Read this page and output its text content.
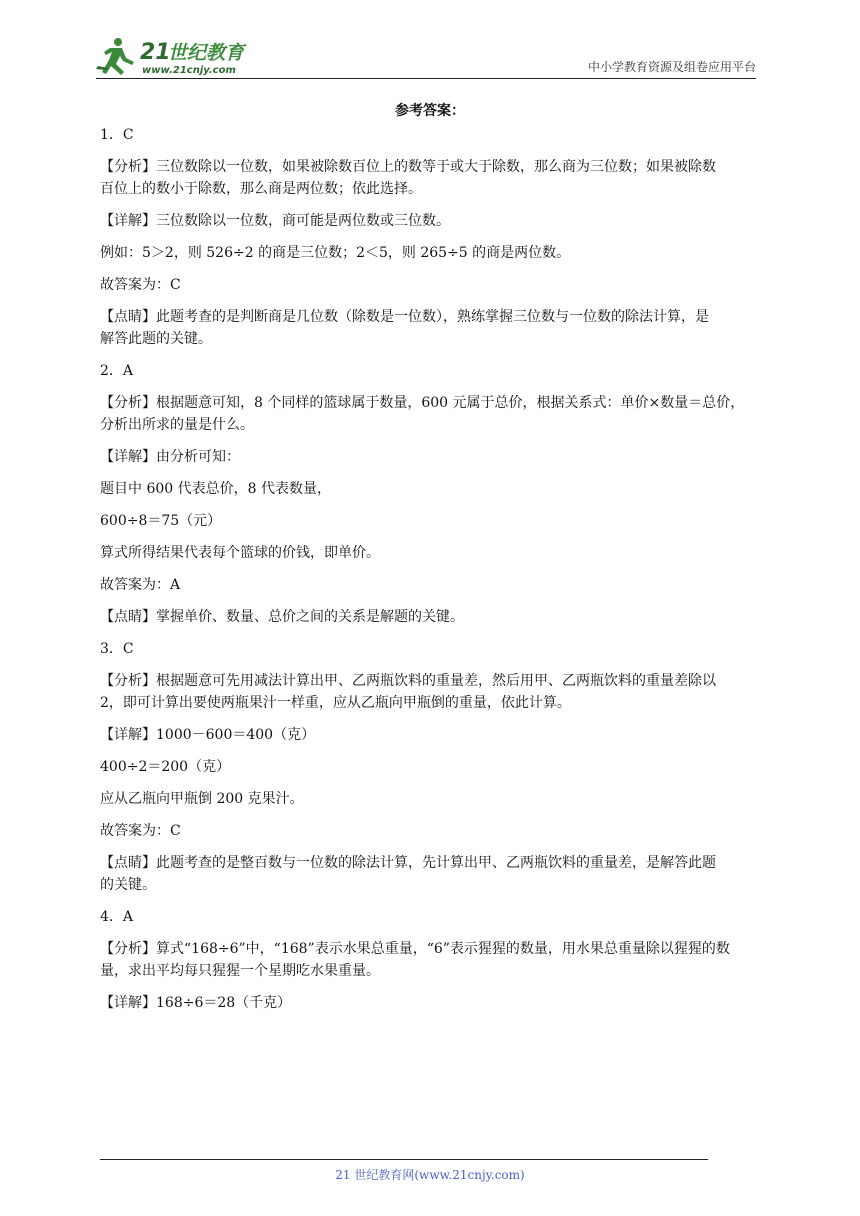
21
世纪教育
www.21cnjy.com	中小学教育资源及组卷应用平台
参考答案：

1．C

【分析】三位数除以一位数，如果被除数百位上的数等于或大于除数，那么商为三位数；如果被除数

百位上的数小于除数，那么商是两位数；依此选择。

【详解】三位数除以一位数，商可能是两位数或三位数。

例如：5＞2，则 526÷2 的商是三位数；2＜5，则 265÷5 的商是两位数。

故答案为：C

【点睛】此题考查的是判断商是几位数（除数是一位数），熟练掌握三位数与一位数的除法计算，是

解答此题的关键。

2．A

【分析】根据题意可知，8 个同样的篮球属于数量，600 元属于总价，根据关系式：单价×数量＝总价，

分析出所求的量是什么。

【详解】由分析可知：

题目中 600 代表总价，8 代表数量，

600÷8＝75（元）

算式所得结果代表每个篮球的价钱，即单价。

故答案为：A

【点睛】掌握单价、数量、总价之间的关系是解题的关键。

3．C

【分析】根据题意可先用减法计算出甲、乙两瓶饮料的重量差，然后用甲、乙两瓶饮料的重量差除以

2，即可计算出要使两瓶果汁一样重，应从乙瓶向甲瓶倒的重量，依此计算。

【详解】1000－600＝400（克）

400÷2＝200（克）

应从乙瓶向甲瓶倒 200 克果汁。

故答案为：C

【点睛】此题考查的是整百数与一位数的除法计算，先计算出甲、乙两瓶饮料的重量差，是解答此题

的关键。

4．A

【分析】算式“168÷6”中，“168”表示水果总重量，“6”表示猩猩的数量，用水果总重量除以猩猩的数

量，求出平均每只猩猩一个星期吃水果重量。

【详解】168÷6＝28（千克）

21 世纪教育网(www.21cnjy.com)
